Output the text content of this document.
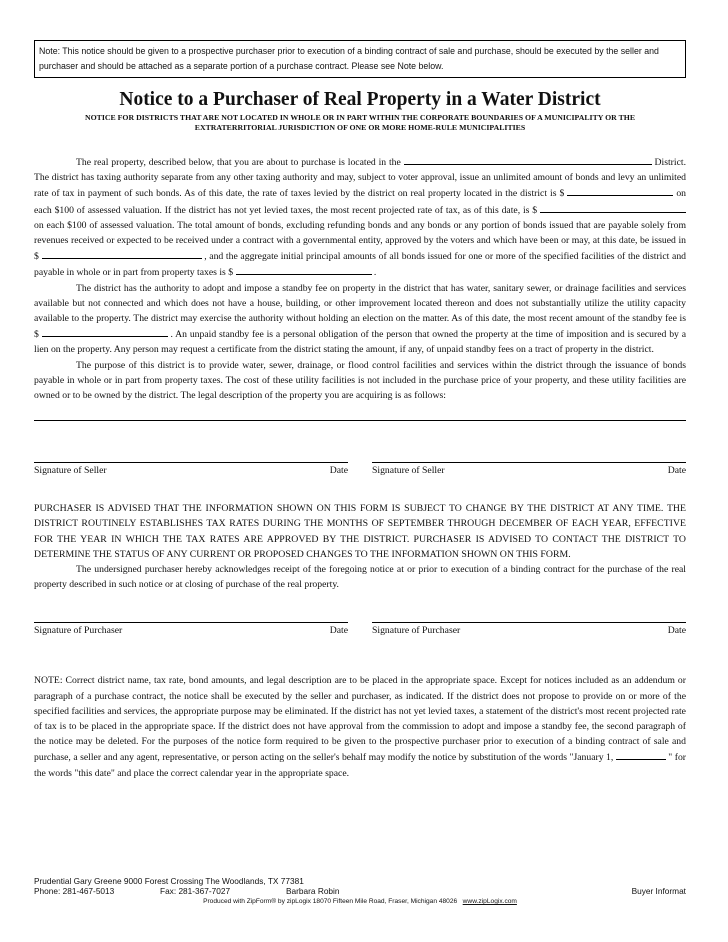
Note: This notice should be given to a prospective purchaser prior to execution of a binding contract of sale and purchase, should be executed by the seller and purchaser and should be attached as a separate portion of a purchase contract. Please see Note below.
Notice to a Purchaser of Real Property in a Water District
NOTICE FOR DISTRICTS THAT ARE NOT LOCATED IN WHOLE OR IN PART WITHIN THE CORPORATE BOUNDARIES OF A MUNICIPALITY OR THE EXTRATERRITORIAL JURISDICTION OF ONE OR MORE HOME-RULE MUNICIPALITIES

The real property, described below, that you are about to purchase is located in the	District. The district has taxing authority separate from any other taxing authority and may, subject to voter approval, issue an unlimited amount of bonds and levy an unlimited rate of tax in payment of such bonds. As of this date, the rate of taxes levied by the district on real property located in the district is $	on each $100 of assessed valuation. If the district has not yet levied taxes, the most recent projected rate of tax, as of this date, is $  on each $100 of assessed valuation. The total amount of bonds, excluding refunding bonds and any bonds or any portion of bonds issued that are payable solely from revenues received or expected to be received under a contract with a governmental entity, approved by the voters and which have been or may, at this date, be issued in $	, and the aggregate initial principal amounts of all bonds issued for one or more of the specified facilities of the district and payable in whole or in part from property taxes is $	.

The district has the authority to adopt and impose a standby fee on property in the district that has water, sanitary sewer, or drainage facilities and services available but not connected and which does not have a house, building, or other improvement located thereon and does not substantially utilize the utility capacity available to the property. The district may exercise the authority without holding an election on the matter. As of this date, the most recent amount of the standby fee is $	. An unpaid standby fee is a personal obligation of the person that owned the property at the time of imposition and is secured by a lien on the property. Any person may request a certificate from the district stating the amount, if any, of unpaid standby fees on a tract of property in the district.

The purpose of this district is to provide water, sewer, drainage, or flood control facilities and services within the district through the issuance of bonds payable in whole or in part from property taxes. The cost of these utility facilities is not included in the purchase price of your property, and these utility facilities are owned or to be owned by the district. The legal description of the property you are acquiring is as follows:

Signature of Seller	Date Signature of Seller	Date
PURCHASER IS ADVISED THAT THE INFORMATION SHOWN ON THIS FORM IS SUBJECT TO CHANGE BY THE DISTRICT AT ANY TIME. THE DISTRICT ROUTINELY ESTABLISHES TAX RATES DURING THE MONTHS OF SEPTEMBER THROUGH DECEMBER OF EACH YEAR, EFFECTIVE FOR THE YEAR IN WHICH THE TAX RATES ARE APPROVED BY THE DISTRICT. PURCHASER IS ADVISED TO CONTACT THE DISTRICT TO DETERMINE THE STATUS OF ANY CURRENT OR PROPOSED CHANGES TO THE INFORMATION SHOWN ON THIS FORM.

The undersigned purchaser hereby acknowledges receipt of the foregoing notice at or prior to execution of a binding contract for the purchase of the real property described in such notice or at closing of purchase of the real property.

Signature of Purchaser	Date Signature of Purchaser	Date
NOTE: Correct district name, tax rate, bond amounts, and legal description are to be placed in the appropriate space. Except for notices included as an addendum or paragraph of a purchase contract, the notice shall be executed by the seller and purchaser, as indicated. If the district does not propose to provide on or more of the specified facilities and services, the appropriate purpose may be eliminated. If the district has not yet levied taxes, a statement of the district's most recent projected rate of tax is to be placed in the appropriate space. If the district does not have approval from the commission to adopt and impose a standby fee, the second paragraph of the notice may be deleted. For the purposes of the notice form required to be given to the prospective purchaser prior to execution of a binding contract of sale and purchase, a seller and any agent, representative, or person acting on the seller's behalf may modify the notice by substitution of the words "January 1,	" for the words "this date" and place the correct calendar year in the appropriate space.
Prudential Gary Greene 9000 Forest Crossing The Woodlands, TX 77381
Phone: 281-467-5013	Fax: 281-367-7027	Barbara Robin	Buyer Informat
Produced with ZipForm® by zipLogix 18070 Fifteen Mile Road, Fraser, Michigan 48026 www.zipLogix.com
